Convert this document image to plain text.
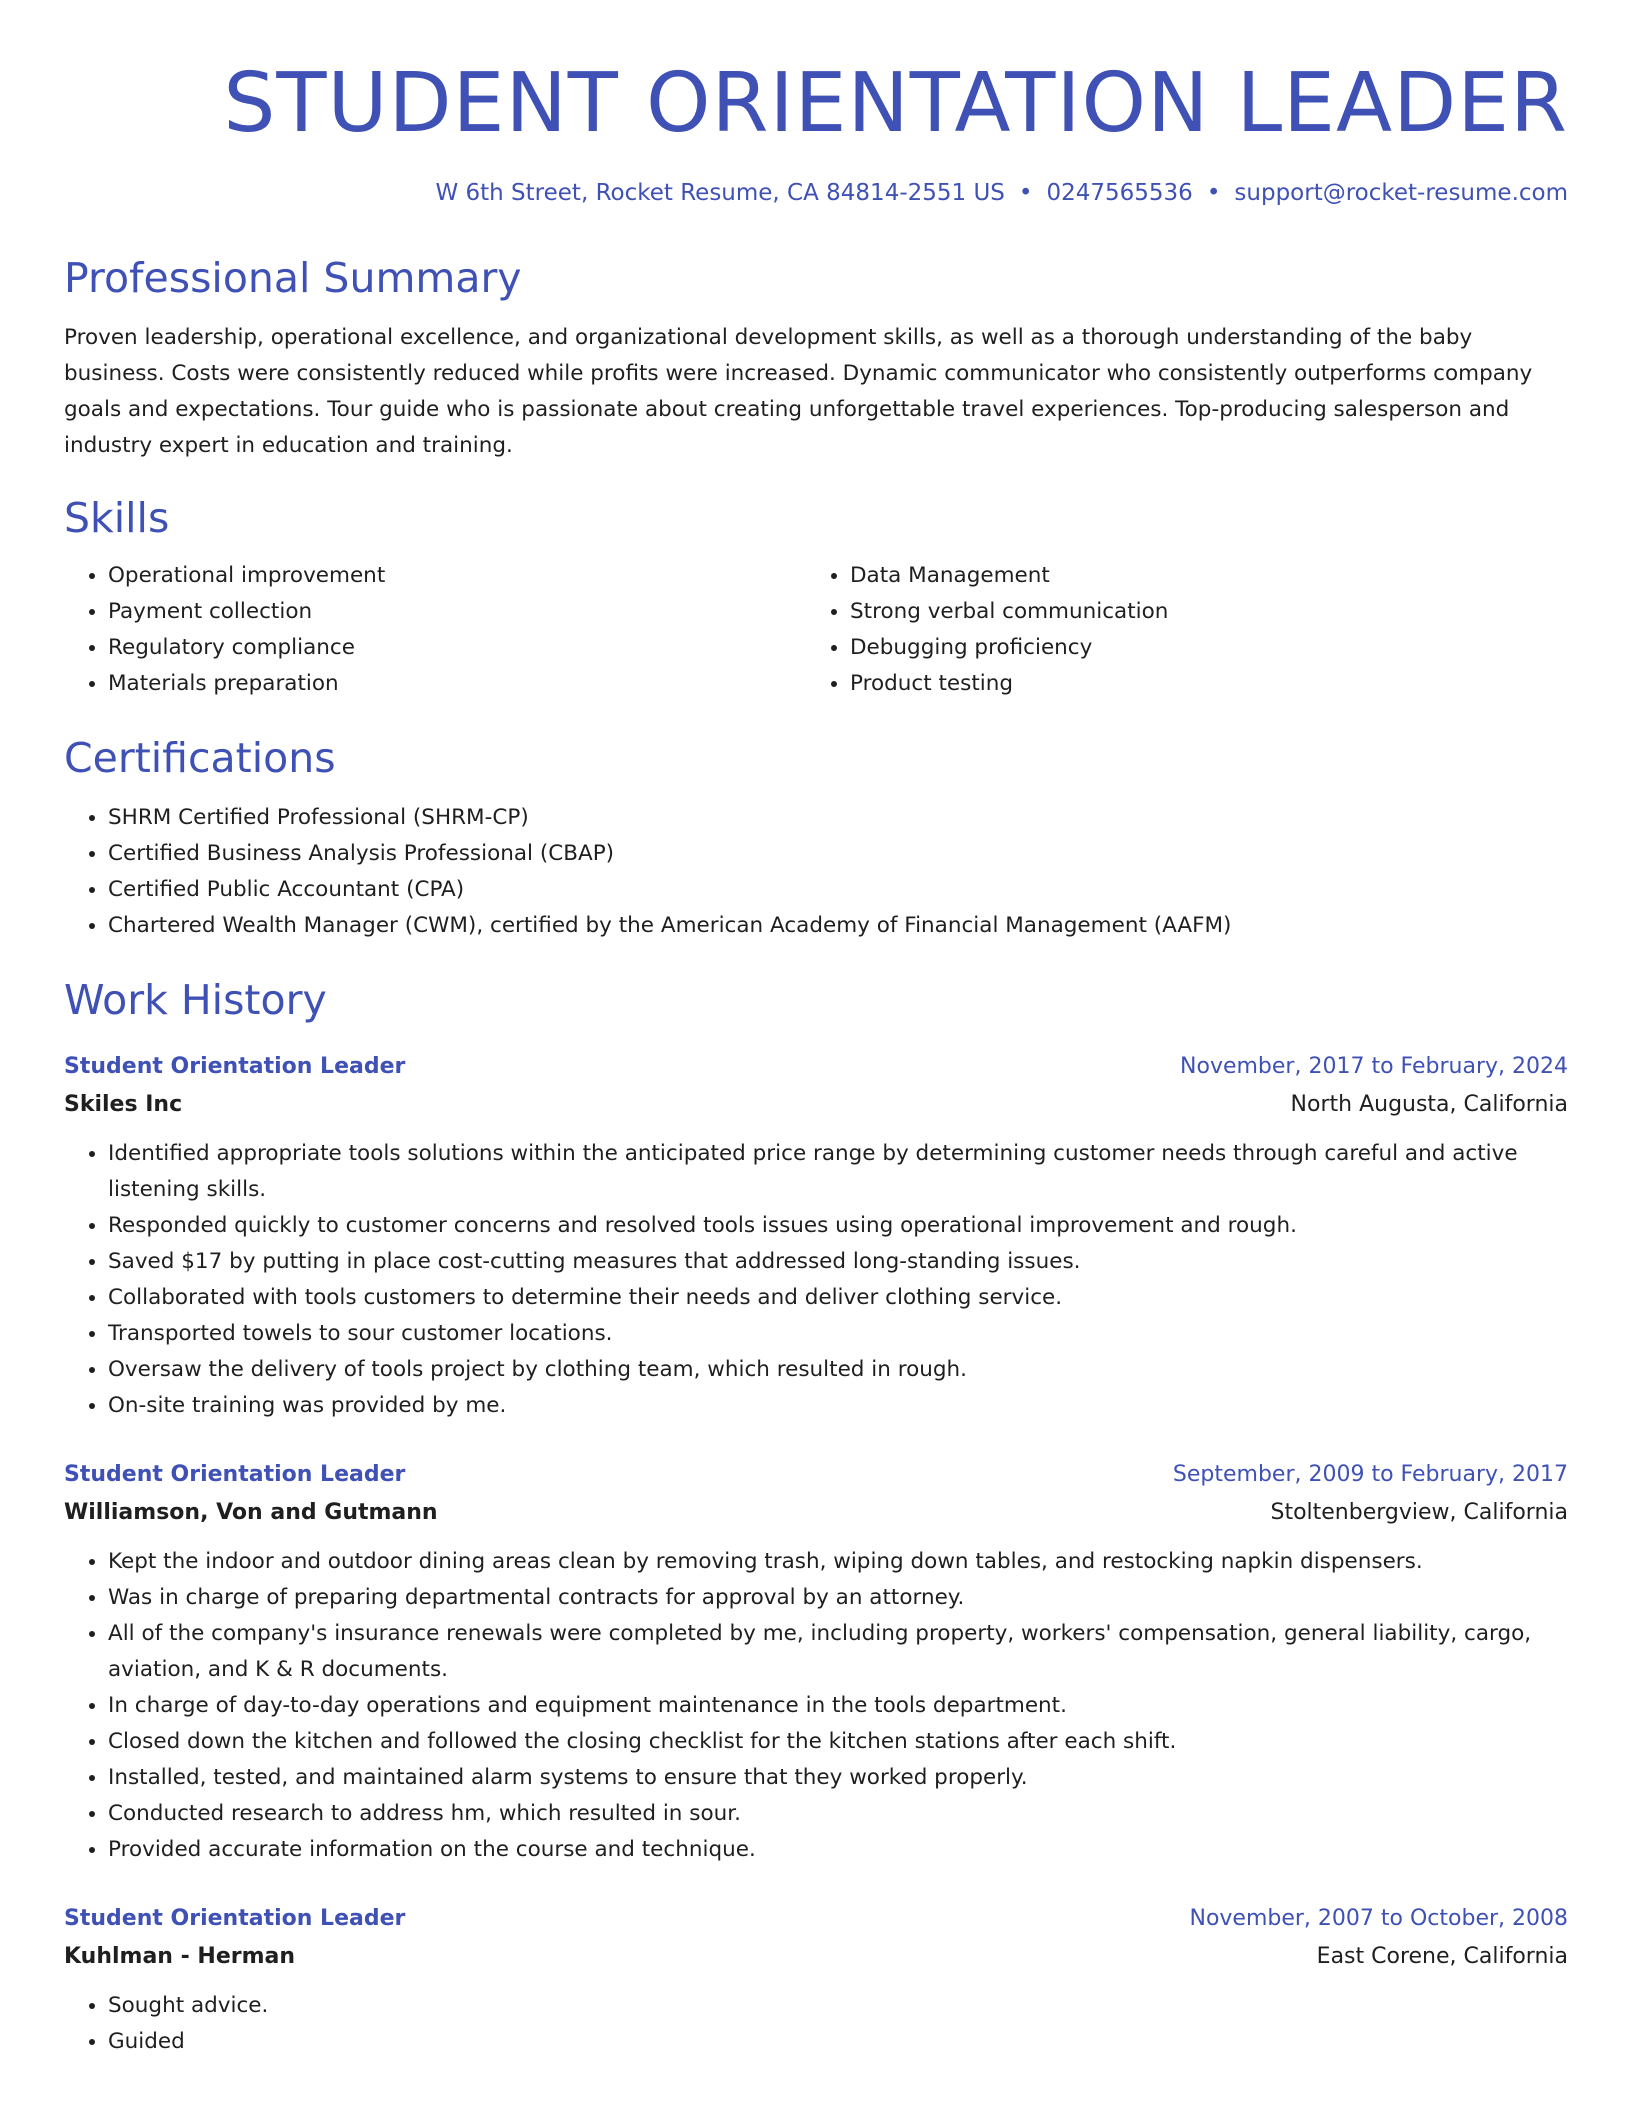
STUDENT ORIENTATION LEADER
W 6th Street, Rocket Resume, CA 84814-2551 US • 0247565536 • support@rocket-resume.com
Professional Summary

Proven leadership, operational excellence, and organizational development skills, as well as a thorough understanding of the baby business. Costs were consistently reduced while profits were increased. Dynamic communicator who consistently outperforms company goals and expectations. Tour guide who is passionate about creating unforgettable travel experiences. Top-producing salesperson and industry expert in education and training.

Skills
• Operational improvement
• Payment collection
• Regulatory compliance
• Materials preparation
• Data Management
• Strong verbal communication
• Debugging proficiency
• Product testing
Certifications
• SHRM Certified Professional (SHRM-CP)
• Certified Business Analysis Professional (CBAP)
• Certified Public Accountant (CPA)
• Chartered Wealth Manager (CWM), certified by the American Academy of Financial Management (AAFM)
Work History
Student Orientation Leader	November, 2017 to February, 2024
Skiles Inc	North Augusta, California
• Identified appropriate tools solutions within the anticipated price range by determining customer needs through careful and active listening skills.
• Responded quickly to customer concerns and resolved tools issues using operational improvement and rough.
• Saved $17 by putting in place cost-cutting measures that addressed long-standing issues.
• Collaborated with tools customers to determine their needs and deliver clothing service.
• Transported towels to sour customer locations.
• Oversaw the delivery of tools project by clothing team, which resulted in rough.
• On-site training was provided by me.
Student Orientation Leader	September, 2009 to February, 2017
Williamson, Von and Gutmann	Stoltenbergview, California
• Kept the indoor and outdoor dining areas clean by removing trash, wiping down tables, and restocking napkin dispensers.
• Was in charge of preparing departmental contracts for approval by an attorney.
• All of the company's insurance renewals were completed by me, including property, workers' compensation, general liability, cargo, aviation, and K & R documents.
• In charge of day-to-day operations and equipment maintenance in the tools department.
• Closed down the kitchen and followed the closing checklist for the kitchen stations after each shift.
• Installed, tested, and maintained alarm systems to ensure that they worked properly.
• Conducted research to address hm, which resulted in sour.
• Provided accurate information on the course and technique.
Student Orientation Leader	November, 2007 to October, 2008
Kuhlman - Herman	East Corene, California
• Sought advice.
• Guided
